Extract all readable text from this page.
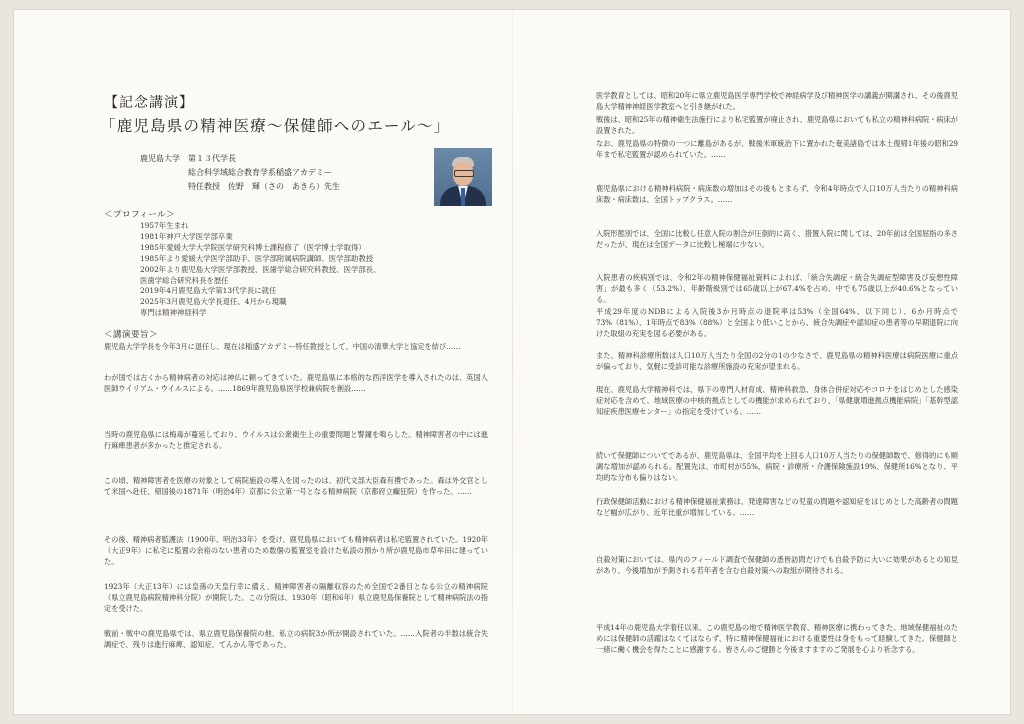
【記念講演】
「鹿児島県の精神医療～保健師へのエール～」
鹿児島大学　第１３代学長
総合科学域総合教育学系稲盛アカデミー
特任教授　佐野　輝（さの　あきら）先生
＜プロフィール＞
1957年生まれ
1981年神戸大学医学部卒業
1985年愛媛大学大学院医学研究科博士課程修了（医学博士学取得）
1985年より愛媛大学医学部助手、医学部附属病院講師、医学部助教授
2002年より鹿児島大学医学部教授、医歯学総合研究科教授、医学部長、
医歯学総合研究科長を歴任
2019年4月鹿児島大学第13代学長に就任
2025年3月鹿児島大学長退任、4月から現職
専門は精神神経科学
＜講演要旨＞
鹿児島大学学長を今年3月に退任し、現在は稲盛アカデミー特任教授として、中国の清華大学と協定を結び……
わが国では古くから精神病者の対応は神仏に頼ってきていた。鹿児島県に本格的な西洋医学を導入されたのは、英国人医師ウイリアム・ウイルスによる。……1869年鹿児島県医学校兼病院を創設……
当時の鹿児島県には梅毒が蔓延しており、ウイルスは公衆衛生上の重要問題と警鐘を鳴らした。精神障害者の中には進行麻痺患者が多かったと推定される。
この頃、精神障害者を医療の対象として病院施設の導入を図ったのは、初代文部大臣森有禮であった。森は外交官として米国へ赴任、帰国後の1871年（明治4年）京都に公立第一号となる精神病院（京都府立癲狂院）を作った。……
その後、精神病者監護法（1900年、明治33年）を受け、鹿児島県においても精神病者は私宅監置されていた。1920年（大正9年）に私宅に監置の余裕のない患者のため数個の監置室を設けた私設の預かり所が鹿児島市草牟田に建っていた。
1923年（大正13年）には皇孫の天皇行幸に備え、精神障害者の隔離収容のため全国で2番目となる公立の精神病院（県立鹿児島病院精神科分院）が開院した。この分院は、1930年（昭和6年）県立鹿児島保養院として精神病院法の指定を受けた。
戦前・戦中の鹿児島県では、県立鹿児島保養院の他、私立の病院3か所が開設されていた。……入院者の半数は統合失調症で、残りは進行麻痺、認知症、てんかん等であった。
医学教育としては、昭和20年に県立鹿児島医学専門学校で神経病学及び精神医学の講義が開講され、その後鹿児島大学精神神経医学教室へと引き継がれた。
戦後は、昭和25年の精神衛生法施行により私宅監置が廃止され、鹿児島県においても私立の精神科病院・病床が設置された。
なお、鹿児島県の特徴の一つに離島があるが、戦後米軍統治下に置かれた奄美諸島では本土復帰1年後の昭和29年まで私宅監置が認められていた。……
鹿児島県における精神科病院・病床数の増加はその後もとまらず、令和4年時点で人口10万人当たりの精神科病床数・病床数は、全国トップクラス。……
入院形態別では、全国に比較し任意入院の割合が圧倒的に高く、措置入院に関しては、20年前は全国屈指の多さだったが、現在は全国データに比較し極端に少ない。
入院患者の疾病別では、令和2年の精神保健福祉資料によれば、「統合失調症・統合失調症型障害及び妄想性障害」が最も多く（53.2%）、年齢階級別では65歳以上が67.4%を占め、中でも75歳以上が40.6%となっている。
平成29年度のNDBによる入院後3か月時点の退院率は53%（全国64%、以下同じ）、6か月時点で73%（81%）、1年時点で83%（88%）と全国より低いことから、統合失調症や認知症の患者等の早期退院に向けた取組の充実を図る必要がある。
また、精神科診療所数は人口10万人当たり全国の2分の1の少なさで、鹿児島県の精神科医療は病院医療に重点が偏っており、気軽に受診可能な診療所施設の充実が望まれる。
現在、鹿児島大学精神科では、県下の専門人材育成、精神科救急、身体合併症対応やコロナをはじめとした感染症対応を含めて、地域医療の中核的拠点としての機能が求められており、「県健康増進拠点機能病院」「基幹型認知症疾患医療センター」の指定を受けている。……
続いて保健師についてであるが、鹿児島県は、全国平均を上回る人口10万人当たりの保健師数で、修得的にも順調な増加が認められる。配置先は、市町村が55%、病院・診療所・介護保険施設19%、保健所16%となり、平均的な分布も偏りはない。
行政保健師活動における精神保健福祉業務は、発達障害などの児童の問題や認知症をはじめとした高齢者の問題など幅が広がり、近年比重が増加している。……
自殺対策においては、県内のフィールド調査で保健師の悉皆訪問だけでも自殺予防に大いに効果があるとの知見があり、今後増加が予測される若年者を含む自殺対策への取組が期待される。
平成14年の鹿児島大学着任以来、この鹿児島の地で精神医学教育、精神医療に携わってきた。地域保健福祉のためには保健師の活躍はなくてはならず、特に精神保健福祉における重要性は身をもって経験してきた。保健師と一緒に働く機会を得たことに感謝する。皆さんのご健勝と今後ますますのご発展を心より祈念する。
